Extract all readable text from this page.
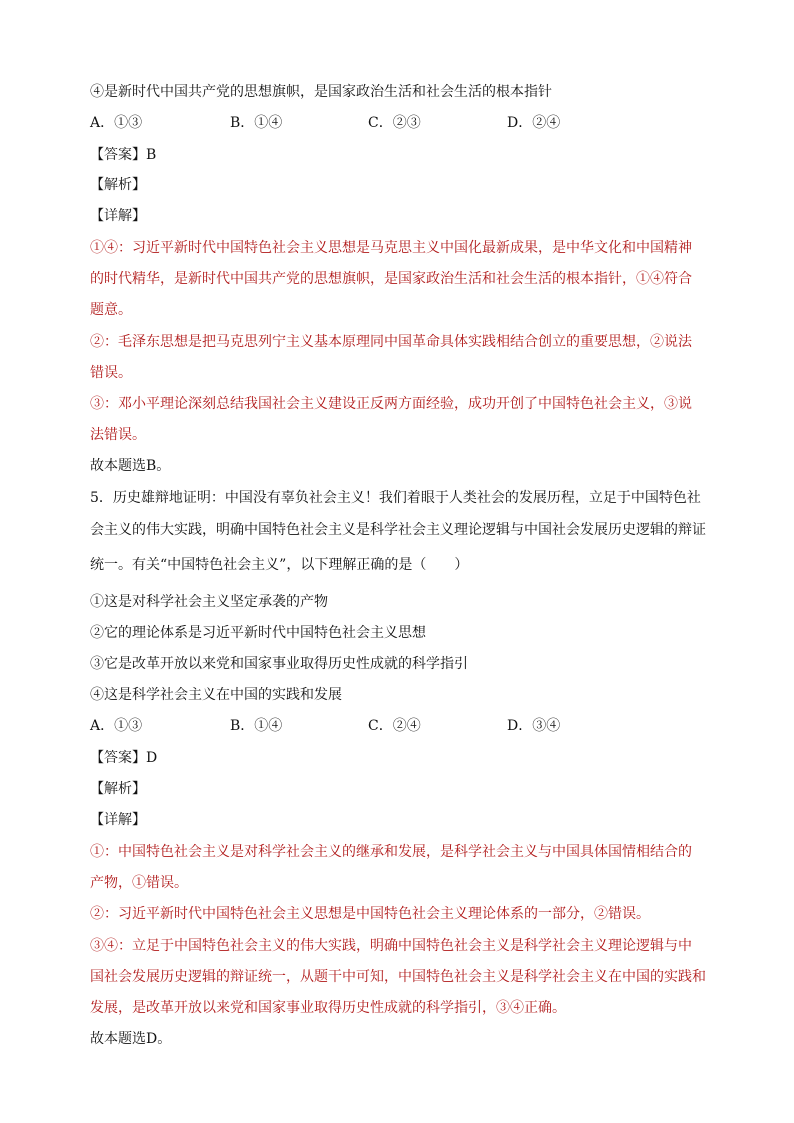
④是新时代中国共产党的思想旗帜，是国家政治生活和社会生活的根本指针
A．①③	B．①④	C．②③	D．②④
【答案】B
【解析】
【详解】
①④：习近平新时代中国特色社会主义思想是马克思主义中国化最新成果，是中华文化和中国精神
的时代精华，是新时代中国共产党的思想旗帜，是国家政治生活和社会生活的根本指针，①④符合
题意。
②：毛泽东思想是把马克思列宁主义基本原理同中国革命具体实践相结合创立的重要思想，②说法
错误。
③：邓小平理论深刻总结我国社会主义建设正反两方面经验，成功开创了中国特色社会主义，③说
法错误。
故本题选B。
5．历史雄辩地证明：中国没有辜负社会主义！我们着眼于人类社会的发展历程，立足于中国特色社
会主义的伟大实践，明确中国特色社会主义是科学社会主义理论逻辑与中国社会发展历史逻辑的辩证
统一。有关“中国特色社会主义”，以下理解正确的是（　　）
①这是对科学社会主义坚定承袭的产物
②它的理论体系是习近平新时代中国特色社会主义思想
③它是改革开放以来党和国家事业取得历史性成就的科学指引
④这是科学社会主义在中国的实践和发展
A．①③	B．①④	C．②④	D．③④
【答案】D
【解析】
【详解】
①：中国特色社会主义是对科学社会主义的继承和发展，是科学社会主义与中国具体国情相结合的
产物，①错误。
②：习近平新时代中国特色社会主义思想是中国特色社会主义理论体系的一部分，②错误。
③④：立足于中国特色社会主义的伟大实践，明确中国特色社会主义是科学社会主义理论逻辑与中
国社会发展历史逻辑的辩证统一，从题干中可知，中国特色社会主义是科学社会主义在中国的实践和
发展，是改革开放以来党和国家事业取得历史性成就的科学指引，③④正确。
故本题选D。
